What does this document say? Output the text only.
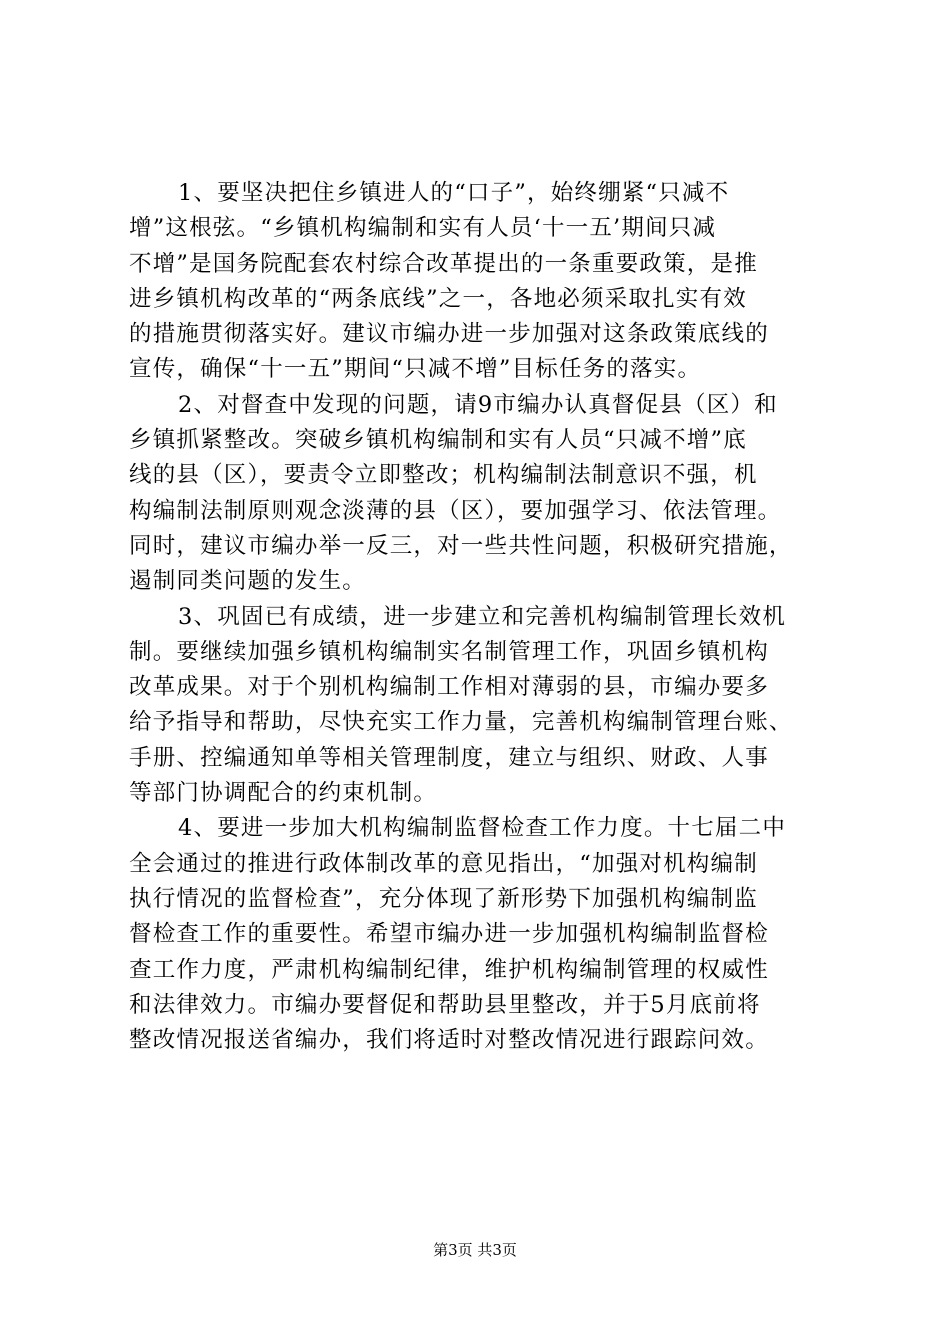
1、要坚决把住乡镇进人的“口子”，始终绷紧“只减不
增”这根弦。“乡镇机构编制和实有人员‘十一五’期间只减
不增”是国务院配套农村综合改革提出的一条重要政策，是推
进乡镇机构改革的“两条底线”之一，各地必须采取扎实有效
的措施贯彻落实好。建议市编办进一步加强对这条政策底线的
宣传，确保“十一五”期间“只减不增”目标任务的落实。
2、对督查中发现的问题，请9市编办认真督促县（区）和
乡镇抓紧整改。突破乡镇机构编制和实有人员“只减不增”底
线的县（区），要责令立即整改；机构编制法制意识不强，机
构编制法制原则观念淡薄的县（区），要加强学习、依法管理。
同时，建议市编办举一反三，对一些共性问题，积极研究措施，
遏制同类问题的发生。
3、巩固已有成绩，进一步建立和完善机构编制管理长效机
制。要继续加强乡镇机构编制实名制管理工作，巩固乡镇机构
改革成果。对于个别机构编制工作相对薄弱的县，市编办要多
给予指导和帮助，尽快充实工作力量，完善机构编制管理台账、
手册、控编通知单等相关管理制度，建立与组织、财政、人事
等部门协调配合的约束机制。
4、要进一步加大机构编制监督检查工作力度。十七届二中
全会通过的推进行政体制改革的意见指出，“加强对机构编制
执行情况的监督检查”，充分体现了新形势下加强机构编制监
督检查工作的重要性。希望市编办进一步加强机构编制监督检
查工作力度，严肃机构编制纪律，维护机构编制管理的权威性
和法律效力。市编办要督促和帮助县里整改，并于5月底前将
整改情况报送省编办，我们将适时对整改情况进行跟踪问效。
第3页 共3页
